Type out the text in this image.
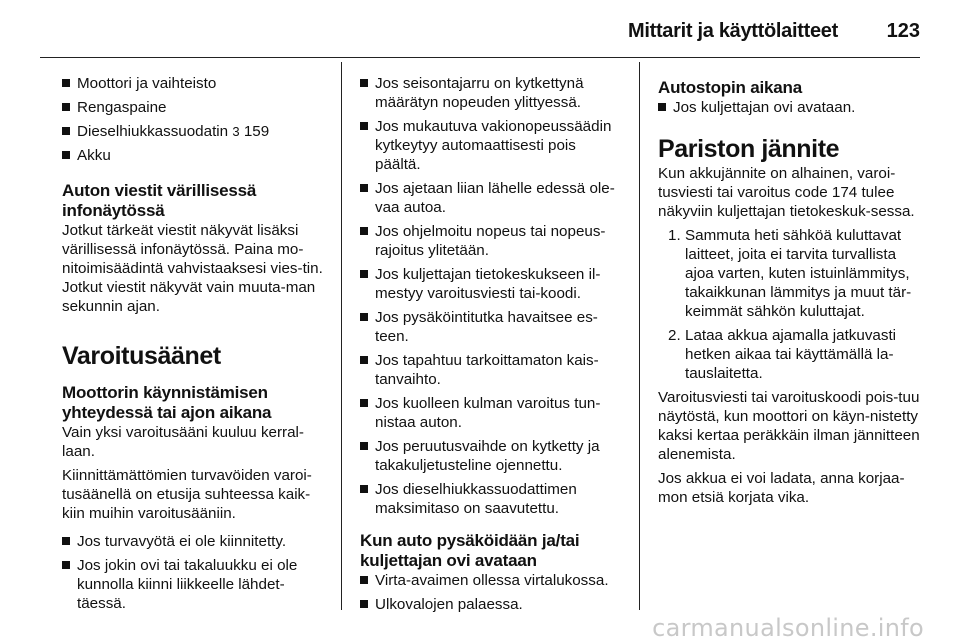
Mittarit ja käyttölaitteet 123
Moottori ja vaihteisto
Rengaspaine
Dieselhiukkassuodatin 3 159
Akku
Auton viestit värillisessä infonäytössä

Jotkut tärkeät viestit näkyvät lisäksi värillisessä infonäytössä. Paina mo-nitoimisäädintä vahvistaaksesi vies-tin. Jotkut viestit näkyvät vain muuta-man sekunnin ajan.

Varoitusäänet
Moottorin käynnistämisen yhteydessä tai ajon aikana

Vain yksi varoitusääni kuuluu kerral-laan.

Kiinnittämättömien turvavöiden varoi-tusäänellä on etusija suhteessa kaik-kiin muihin varoitusääniin.

Jos turvavyötä ei ole kiinnitetty.
Jos jokin ovi tai takaluukku ei ole kunnolla kiinni liikkeelle lähdet-täessä.
Jos seisontajarru on kytkettynä määrätyn nopeuden ylittyessä.
Jos mukautuva vakionopeussäädin kytkeytyy automaattisesti pois päältä.
Jos ajetaan liian lähelle edessä ole-vaa autoa.
Jos ohjelmoitu nopeus tai nopeus-rajoitus ylitetään.
Jos kuljettajan tietokeskukseen il-mestyy varoitusviesti tai-koodi.
Jos pysäköintitutka havaitsee es-teen.
Jos tapahtuu tarkoittamaton kais-tanvaihto.
Jos kuolleen kulman varoitus tun-nistaa auton.
Jos peruutusvaihde on kytketty ja takakuljetusteline ojennettu.
Jos dieselhiukkassuodattimen maksimitaso on saavutettu.
Kun auto pysäköidään ja/tai kuljettajan ovi avataan
Virta-avaimen ollessa virtalukossa.
Ulkovalojen palaessa.
Autostopin aikana
Jos kuljettajan ovi avataan.
Pariston jännite

Kun akkujännite on alhainen, varoi-tusviesti tai varoitus code 174 tulee näkyviin kuljettajan tietokeskuk-sessa.

1. Sammuta heti sähköä kuluttavat laitteet, joita ei tarvita turvallista ajoa varten, kuten istuinlämmitys, takaikkunan lämmitys ja muut tär-keimmät sähkön kuluttajat.
2. Lataa akkua ajamalla jatkuvasti hetken aikaa tai käyttämällä la-tauslaitetta.

Varoitusviesti tai varoituskoodi pois-tuu näytöstä, kun moottori on käyn-nistetty kaksi kertaa peräkkäin ilman jännitteen alenemista.

Jos akkua ei voi ladata, anna korjaa-mon etsiä korjata vika.

carmanualsonline.info
